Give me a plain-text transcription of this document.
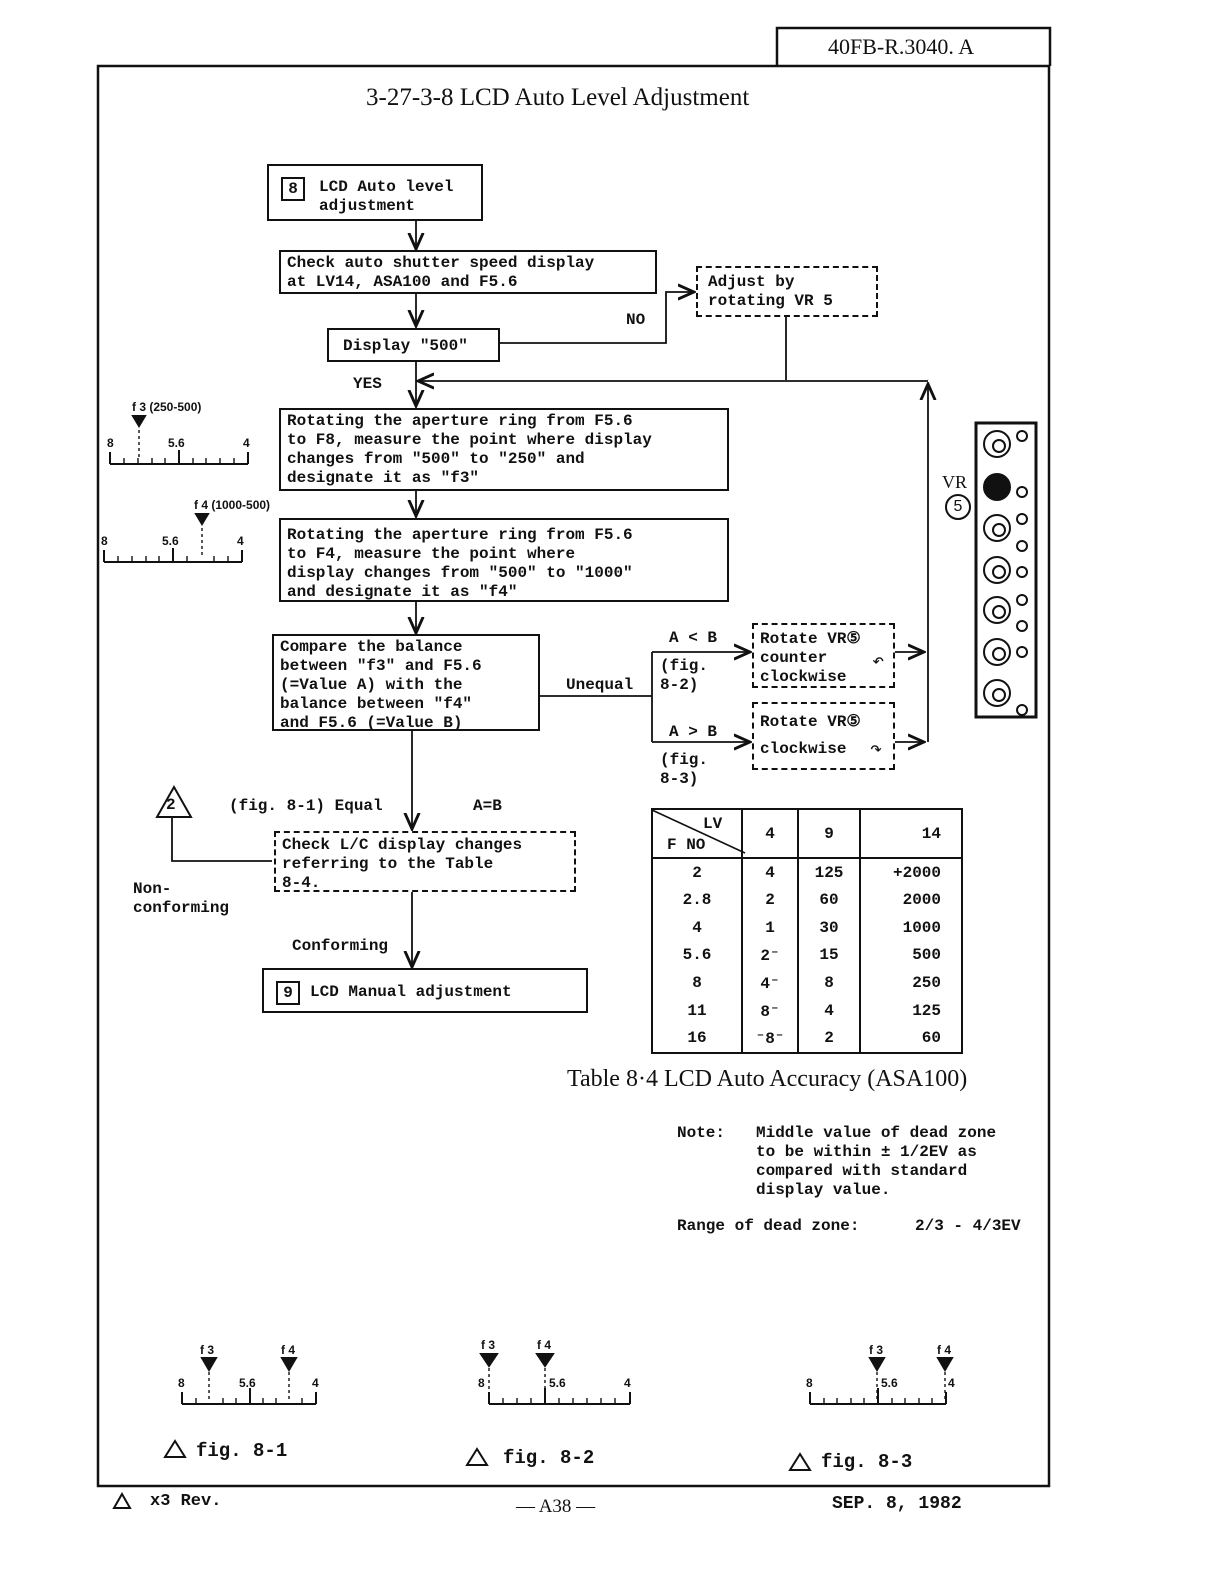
40FB-R.3040. A
3-27-3-8 LCD Auto Level Adjustment
8	LCD Auto level
adjustment
Check auto shutter speed display
at LV14, ASA100 and F5.6
Display "500"
NO
YES
Adjust by
rotating VR 5
Rotating the aperture ring from F5.6
to F8, measure the point where display
changes from "500" to "250" and
designate it as "f3"
Rotating the aperture ring from F5.6
to F4, measure the point where
display changes from "500" to "1000"
and designate it as "f4"
Compare the balance
between "f3" and F5.6
(=Value A) with the
balance between "f4"
and F5.6 (=Value B)
Unequal
A < B
(fig.
8-2)
A > B
(fig.
8-3)
Rotate VR⑤
counter
clockwise
↶
Rotate VR⑤
clockwise	↷
2	(fig. 8-1) Equal	A=B
Check L/C display changes
referring to the Table
8-4.
Non-
conforming
Conforming
9	LCD Manual adjustment
f 3 (250-500)
8	5.6	4
f 4 (1000-500)
8	5.6	4
VR
5
LV
F NO	4	9	14
2	4	125	+2000
2.8	2	60	2000
4	1	30	1000
5.6	2⁻	15	500
8	4⁻	8	250
11	8⁻	4	125
16	⁻8⁻	2	60
Table 8·4 LCD Auto Accuracy (ASA100)
Note: Middle value of dead zone
to be within ± 1/2EV as
compared with standard
display value.
Range of dead zone:	2/3 - 4/3EV
f 3	f 4
8	5.6	4
f 3	f 4
8	5.6	4
f 3	f 4
8	5.6	4
fig. 8-1	fig. 8-2	fig. 8-3
x3 Rev.	— A38 —	SEP. 8, 1982
